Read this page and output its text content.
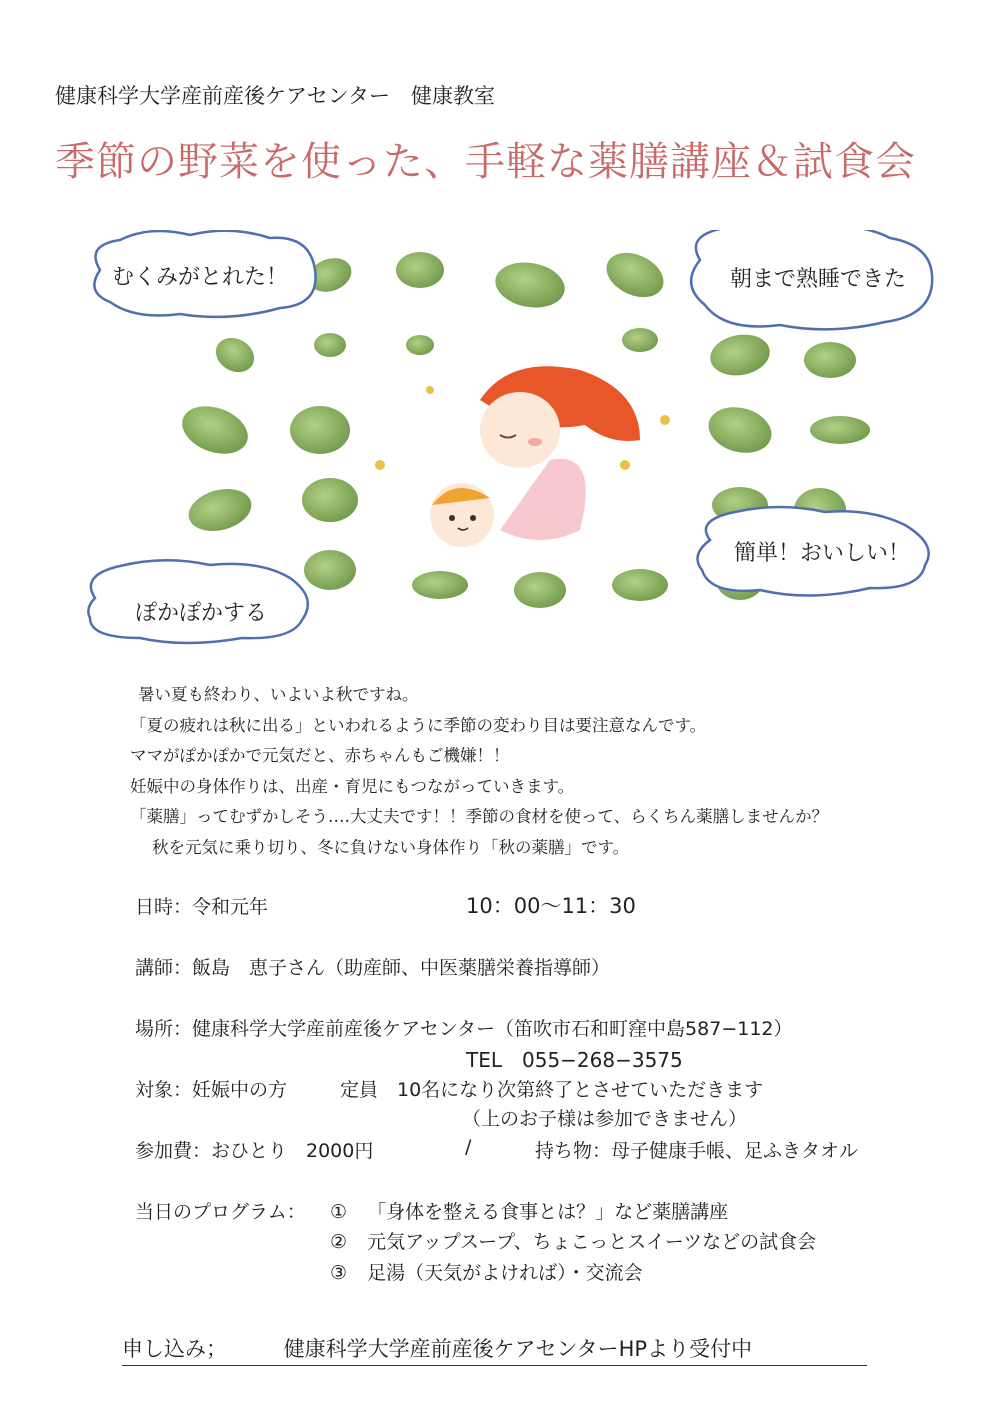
健康科学大学産前産後ケアセンター　健康教室
季節の野菜を使った、手軽な薬膳講座＆試食会
むくみがとれた！	朝まで熟睡できた
簡単！おいしい！
ぽかぽかする
暑い夏も終わり、いよいよ秋ですね。
「夏の疲れは秋に出る」といわれるように季節の変わり目は要注意なんです。
ママがぽかぽかで元気だと、赤ちゃんもご機嫌！！
妊娠中の身体作りは、出産・育児にもつながっていきます。
「薬膳」ってむずかしそう‥‥大丈夫です！！季節の食材を使って、らくちん薬膳しませんか？
秋を元気に乗り切り、冬に負けない身体作り「秋の薬膳」です。
日時：令和元年	10：00～11：30
講師：飯島　恵子さん（助産師、中医薬膳栄養指導師）
場所：健康科学大学産前産後ケアセンター（笛吹市石和町窪中島587−112）
TEL　055−268−3575
対象：妊娠中の方	定員　10名になり次第終了とさせていただきます
（上のお子様は参加できません）
参加費：おひとり　2000円	/	持ち物：母子健康手帳、足ふきタオル
当日のプログラム： ① 「身体を整える食事とは？」など薬膳講座
② 元気アップスープ、ちょこっとスイーツなどの試食会
③ 足湯（天気がよければ）・交流会
申し込み；	健康科学大学産前産後ケアセンターHPより受付中
